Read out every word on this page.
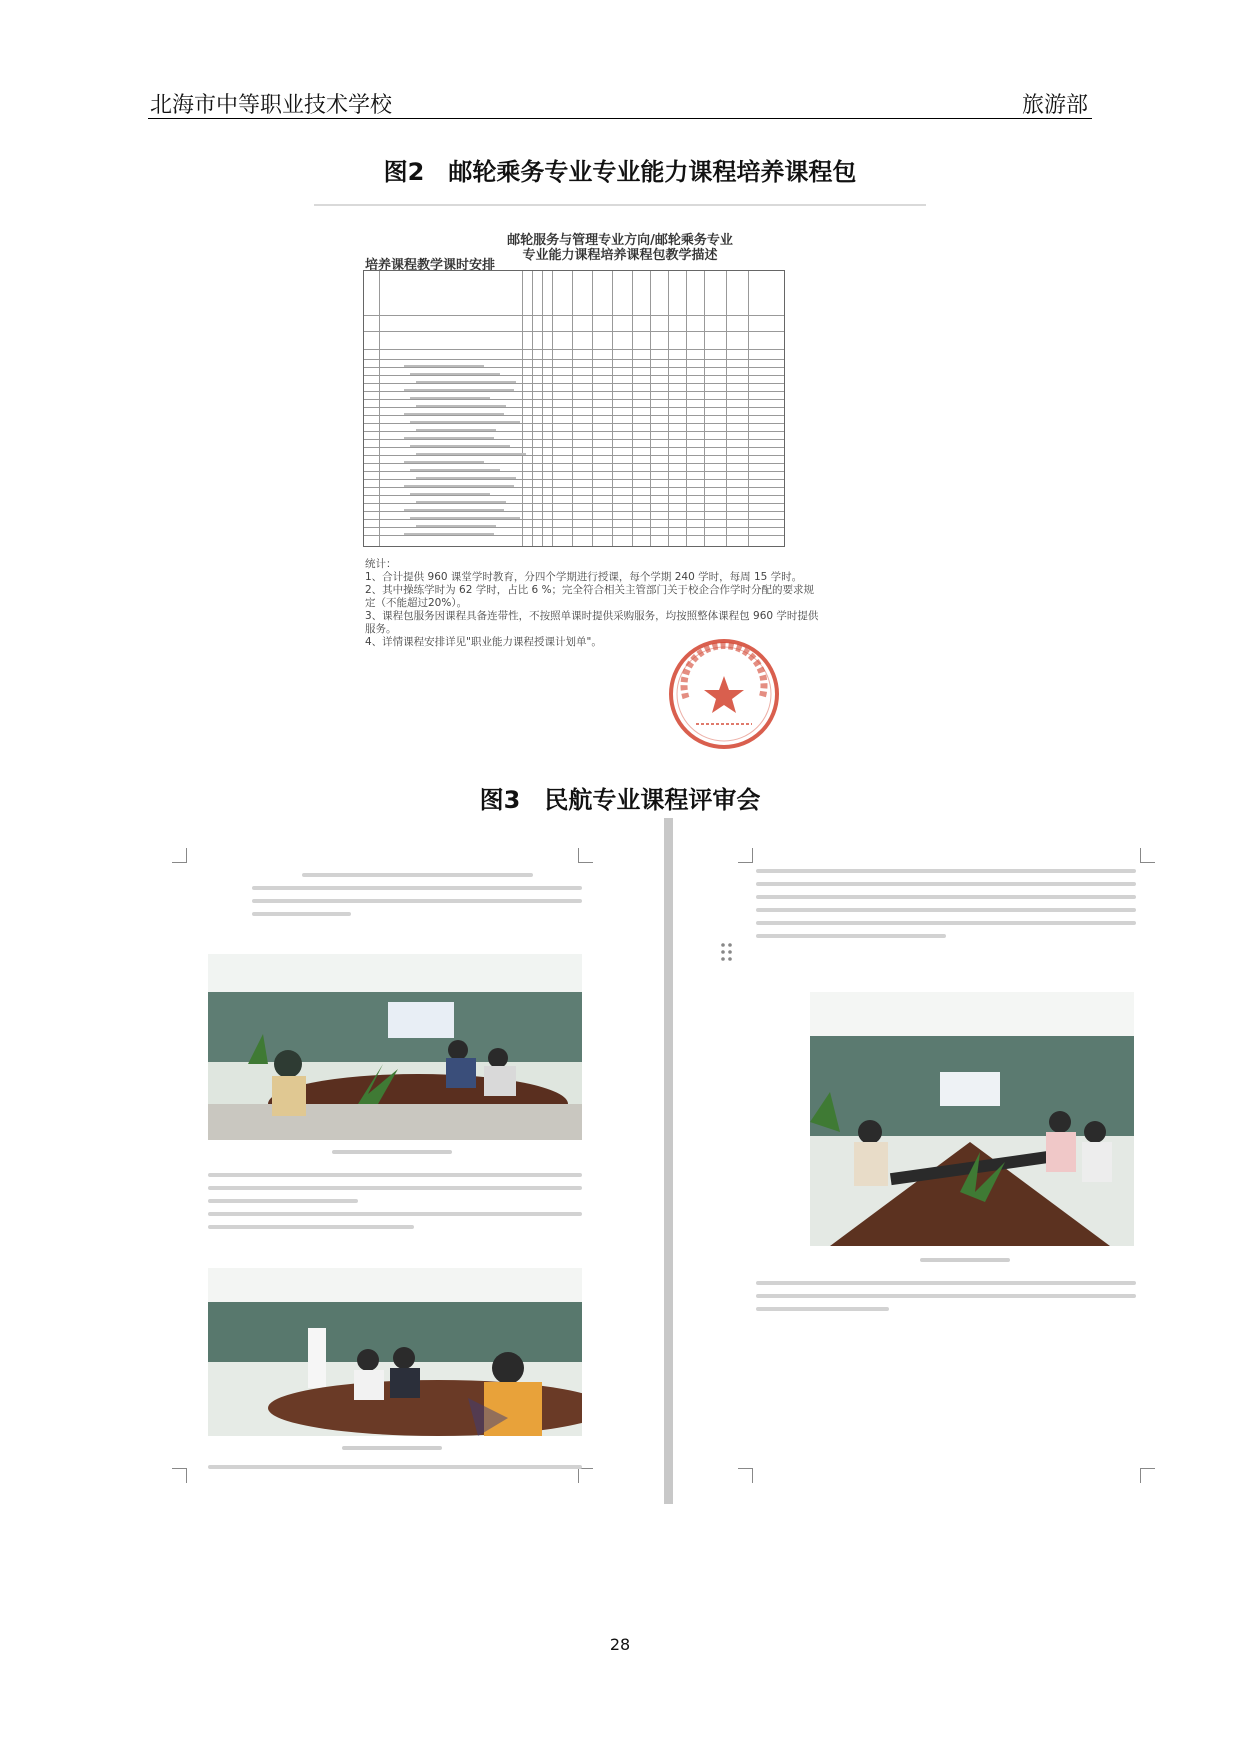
北海市中等职业技术学校	旅游部
图2　邮轮乘务专业专业能力课程培养课程包
邮轮服务与管理专业方向/邮轮乘务专业
专业能力课程培养课程包教学描述
培养课程教学课时安排
统计：
1、合计提供 960 课堂学时教育，分四个学期进行授课，每个学期 240 学时，每周 15 学时。
2、其中操练学时为 62 学时，占比 6 %；完全符合相关主管部门关于校企合作学时分配的要求规
定（不能超过20%）。
3、课程包服务因课程具备连带性，不按照单课时提供采购服务，均按照整体课程包 960 学时提供
服务。
4、详情课程安排详见"职业能力课程授课计划单"。
图3　民航专业课程评审会
28
